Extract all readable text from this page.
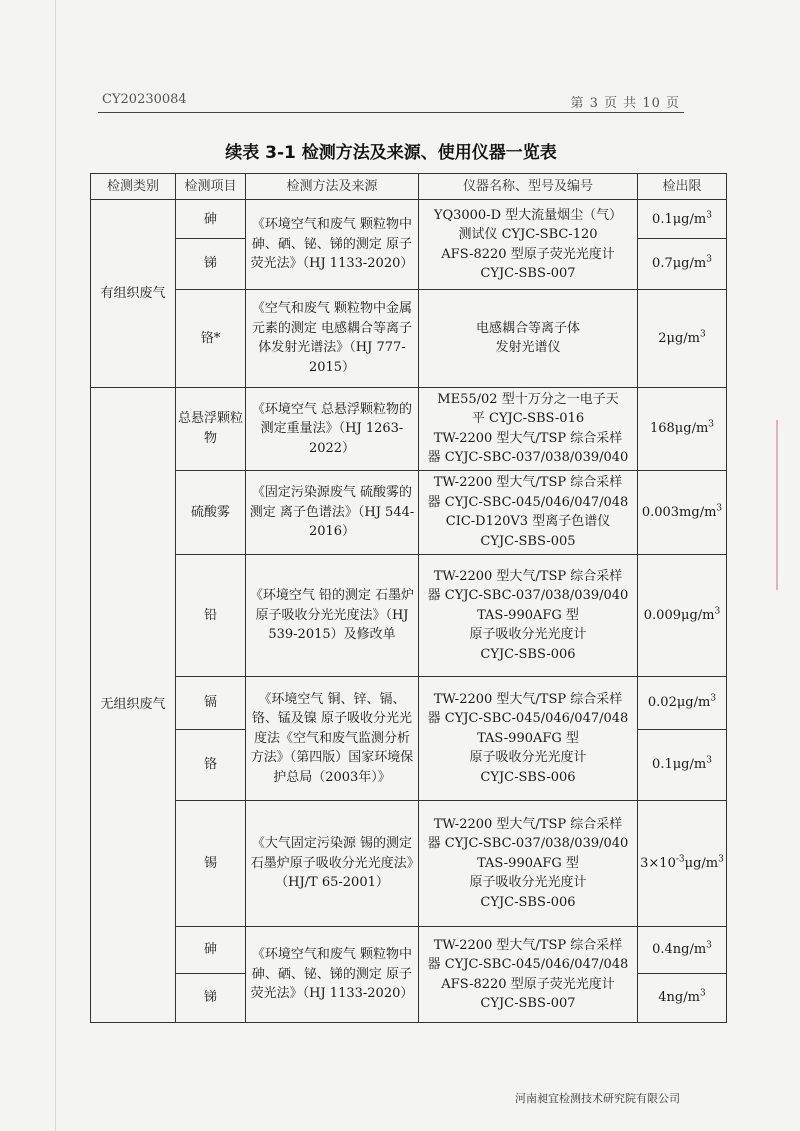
CY20230084	第 3 页 共 10 页
续表 3-1 检测方法及来源、使用仪器一览表
检测类别	检测项目	检测方法及来源	仪器名称、型号及编号	检出限
有组织废气	砷	《环境空气和废气 颗粒物中砷、硒、铋、锑的测定 原子荧光法》（HJ 1133-2020）	YQ3000-D 型大流量烟尘（气）
测试仪 CYJC-SBC-120
AFS-8220 型原子荧光光度计
CYJC-SBS-007	$0.1\mu g/m^3$
	锑			$0.7\mu g/m^3$
	铬*	《空气和废气 颗粒物中金属元素的测定 电感耦合等离子体发射光谱法》（HJ 777-2015）	电感耦合等离子体
发射光谱仪	$2\mu g/m^3$
无组织废气	总悬浮颗粒物	《环境空气 总悬浮颗粒物的测定重量法》（HJ 1263-2022）	ME55/02 型十万分之一电子天
平 CYJC-SBS-016
TW-2200 型大气/TSP 综合采样
器 CYJC-SBC-037/038/039/040	$168\mu g/m^3$
	硫酸雾	《固定污染源废气 硫酸雾的测定 离子色谱法》（HJ 544-2016）	TW-2200 型大气/TSP 综合采样
器 CYJC-SBC-045/046/047/048
CIC-D120V3 型离子色谱仪
CYJC-SBS-005	$0.003mg/m^3$
	铅	《环境空气 铅的测定 石墨炉原子吸收分光光度法》（HJ 539-2015）及修改单	TW-2200 型大气/TSP 综合采样
器 CYJC-SBC-037/038/039/040
TAS-990AFG 型
原子吸收分光光度计
CYJC-SBS-006	$0.009\mu g/m^3$
	镉	《环境空气 铜、锌、镉、铬、锰及镍 原子吸收分光光度法《空气和废气监测分析方法》（第四版）国家环境保护总局（2003年）》	TW-2200 型大气/TSP 综合采样
器 CYJC-SBC-045/046/047/048
TAS-990AFG 型
原子吸收分光光度计
CYJC-SBS-006	$0.02\mu g/m^3$
	铬			$0.1\mu g/m^3$
	锡	《大气固定污染源 锡的测定 石墨炉原子吸收分光光度法》（HJ/T 65-2001）	TW-2200 型大气/TSP 综合采样
器 CYJC-SBC-037/038/039/040
TAS-990AFG 型
原子吸收分光光度计
CYJC-SBS-006	$3\times 10^{-3}\mu g/m^3$
	砷	《环境空气和废气 颗粒物中砷、硒、铋、锑的测定 原子荧光法》（HJ 1133-2020）	TW-2200 型大气/TSP 综合采样
器 CYJC-SBC-045/046/047/048
AFS-8220 型原子荧光光度计
CYJC-SBS-007	$0.4ng/m^3$
	锑			$4ng/m^3$
河南昶宜检测技术研究院有限公司
